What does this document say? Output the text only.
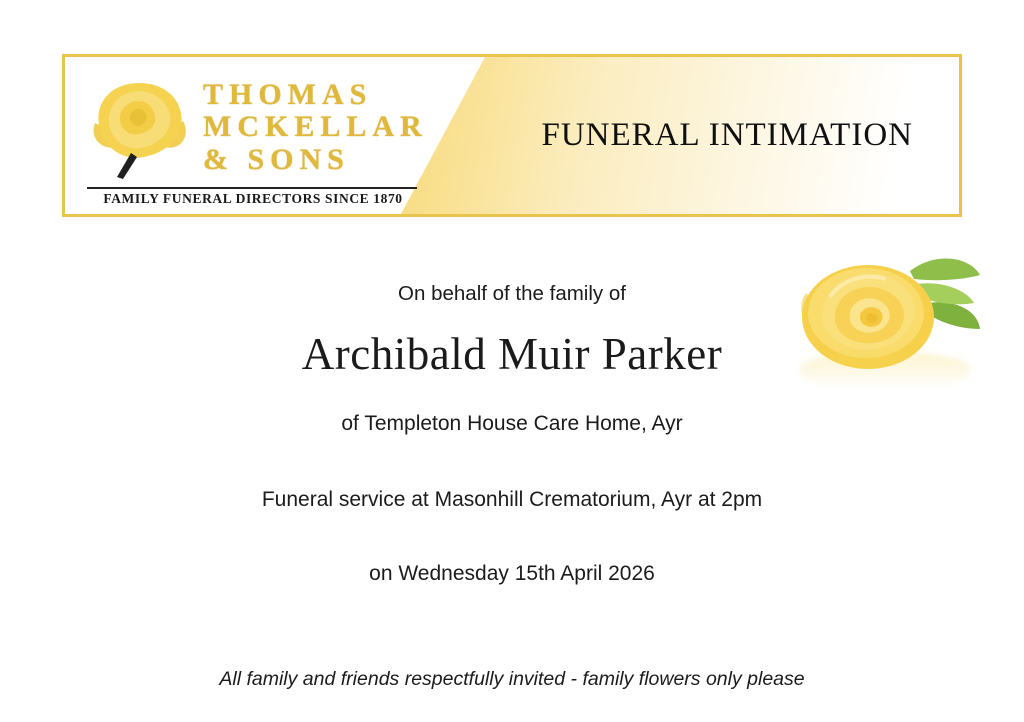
THOMAS
MCKELLAR
& SONS
FAMILY FUNERAL DIRECTORS SINCE 1870
FUNERAL INTIMATION
On behalf of the family of
Archibald Muir Parker
of Templeton House Care Home, Ayr
Funeral service at Masonhill Crematorium, Ayr at 2pm
on Wednesday 15th April 2026
All family and friends respectfully invited - family flowers only please
